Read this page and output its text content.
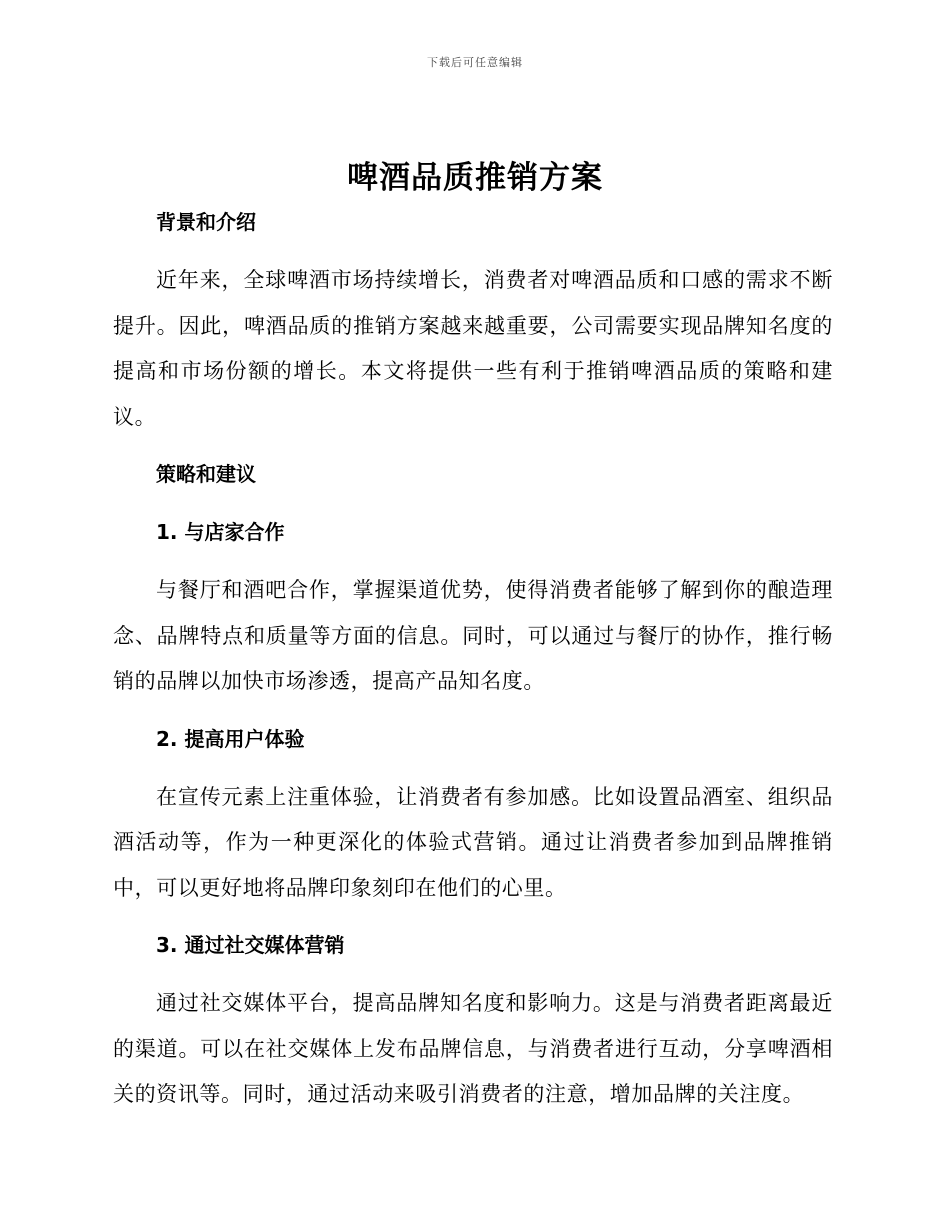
下载后可任意编辑
啤酒品质推销方案

背景和介绍

近年来，全球啤酒市场持续增长，消费者对啤酒品质和口感的需求不断提升。因此，啤酒品质的推销方案越来越重要，公司需要实现品牌知名度的提高和市场份额的增长。本文将提供一些有利于推销啤酒品质的策略和建议。

策略和建议

1. 与店家合作

与餐厅和酒吧合作，掌握渠道优势，使得消费者能够了解到你的酿造理念、品牌特点和质量等方面的信息。同时，可以通过与餐厅的协作，推行畅销的品牌以加快市场渗透，提高产品知名度。

2. 提高用户体验

在宣传元素上注重体验，让消费者有参加感。比如设置品酒室、组织品酒活动等，作为一种更深化的体验式营销。通过让消费者参加到品牌推销中，可以更好地将品牌印象刻印在他们的心里。

3. 通过社交媒体营销

通过社交媒体平台，提高品牌知名度和影响力。这是与消费者距离最近的渠道。可以在社交媒体上发布品牌信息，与消费者进行互动，分享啤酒相关的资讯等。同时，通过活动来吸引消费者的注意，增加品牌的关注度。
